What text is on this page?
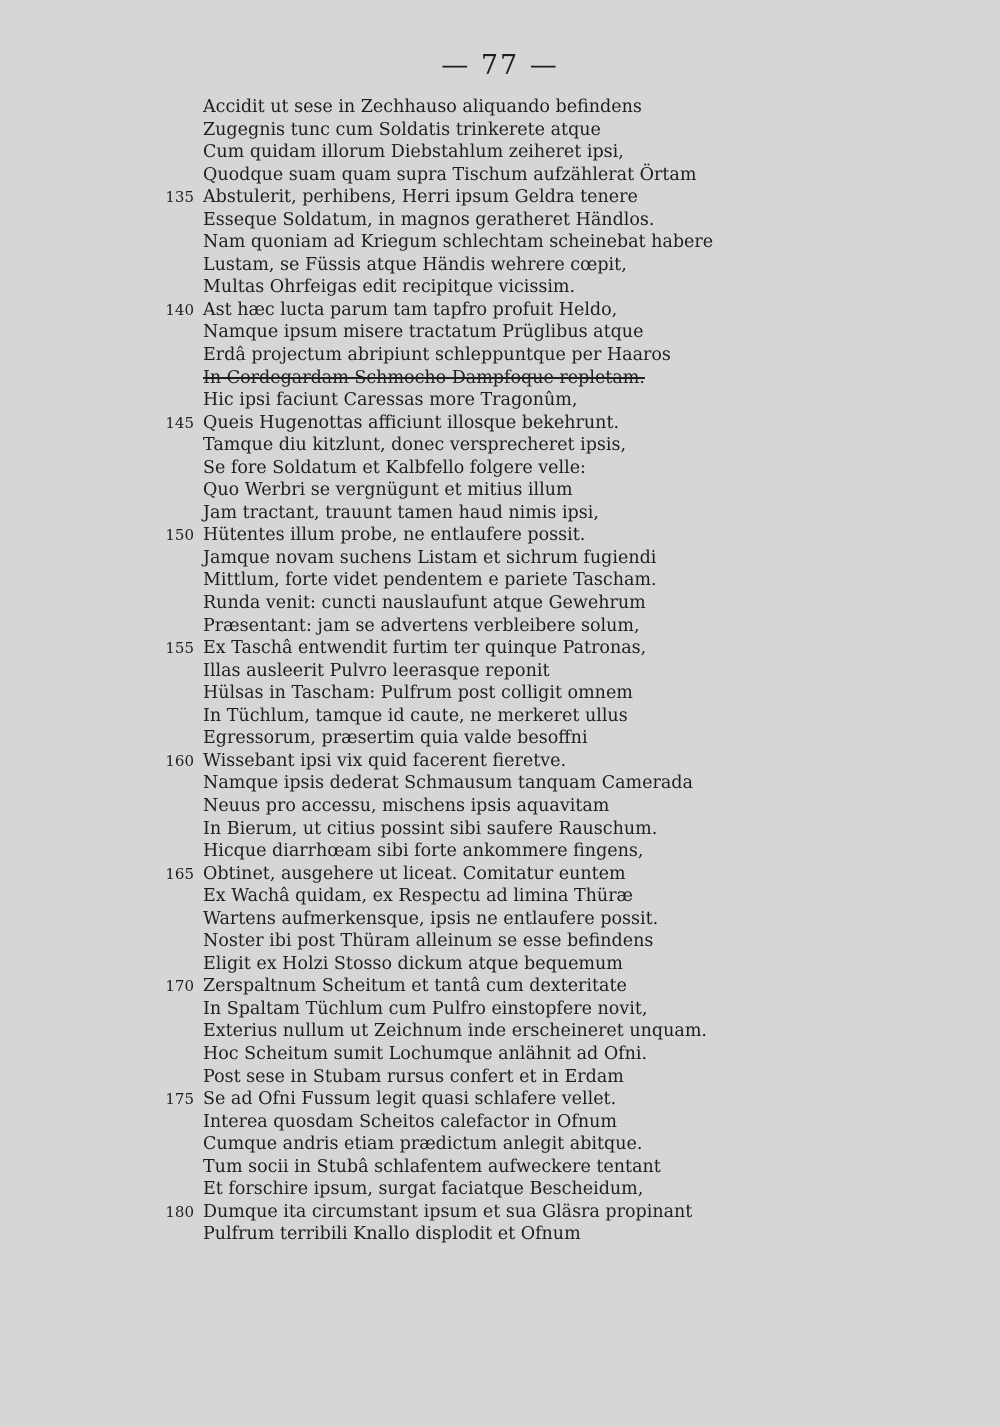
— 77 —
Accidit ut sese in Zechhauso aliquando befindens
Zugegnis tunc cum Soldatis trinkerete atque
Cum quidam illorum Diebstahlum zeiheret ipsi,
Quodque suam quam supra Tischum aufzählerat Örtam
135 Abstulerit, perhibens, Herri ipsum Geldra tenere
Esseque Soldatum, in magnos geratheret Händlos.
Nam quoniam ad Kriegum schlechtam scheinebat habere
Lustam, se Füssis atque Händis wehrere cœpit,
Multas Ohrfeigas edit recipitque vicissim.
140 Ast hæc lucta parum tam tapfro profuit Heldo,
Namque ipsum misere tractatum Prüglibus atque
Erdâ projectum abripiunt schleppuntque per Haaros
In Cordegardam Schmocho Dampfoque repletam.
Hic ipsi faciunt Caressas more Tragonûm,
145 Queis Hugenottas afficiunt illosque bekehrunt.
Tamque diu kitzlunt, donec versprecheret ipsis,
Se fore Soldatum et Kalbfello folgere velle:
Quo Werbri se vergnügunt et mitius illum
Jam tractant, trauunt tamen haud nimis ipsi,
150 Hütentes illum probe, ne entlaufere possit.
Jamque novam suchens Listam et sichrum fugiendi
Mittlum, forte videt pendentem e pariete Tascham.
Runda venit: cuncti nauslaufunt atque Gewehrum
Præsentant: jam se advertens verbleibere solum,
155 Ex Taschâ entwendit furtim ter quinque Patronas,
Illas ausleerit Pulvro leerasque reponit
Hülsas in Tascham: Pulfrum post colligit omnem
In Tüchlum, tamque id caute, ne merkeret ullus
Egressorum, præsertim quia valde besoffni
160 Wissebant ipsi vix quid facerent fieretve.
Namque ipsis dederat Schmausum tanquam Camerada
Neuus pro accessu, mischens ipsis aquavitam
In Bierum, ut citius possint sibi saufere Rauschum.
Hicque diarrhœam sibi forte ankommere fingens,
165 Obtinet, ausgehere ut liceat. Comitatur euntem
Ex Wachâ quidam, ex Respectu ad limina Thüræ
Wartens aufmerkensque, ipsis ne entlaufere possit.
Noster ibi post Thüram alleinum se esse befindens
Eligit ex Holzi Stosso dickum atque bequemum
170 Zerspaltnum Scheitum et tantâ cum dexteritate
In Spaltam Tüchlum cum Pulfro einstopfere novit,
Exterius nullum ut Zeichnum inde erscheineret unquam.
Hoc Scheitum sumit Lochumque anlähnit ad Ofni.
Post sese in Stubam rursus confert et in Erdam
175 Se ad Ofni Fussum legit quasi schlafere vellet.
Interea quosdam Scheitos calefactor in Ofnum
Cumque andris etiam prædictum anlegit abitque.
Tum socii in Stubâ schlafentem aufweckere tentant
Et forschire ipsum, surgat faciatque Bescheidum,
180 Dumque ita circumstant ipsum et sua Gläsra propinant
Pulfrum terribili Knallo displodit et Ofnum
